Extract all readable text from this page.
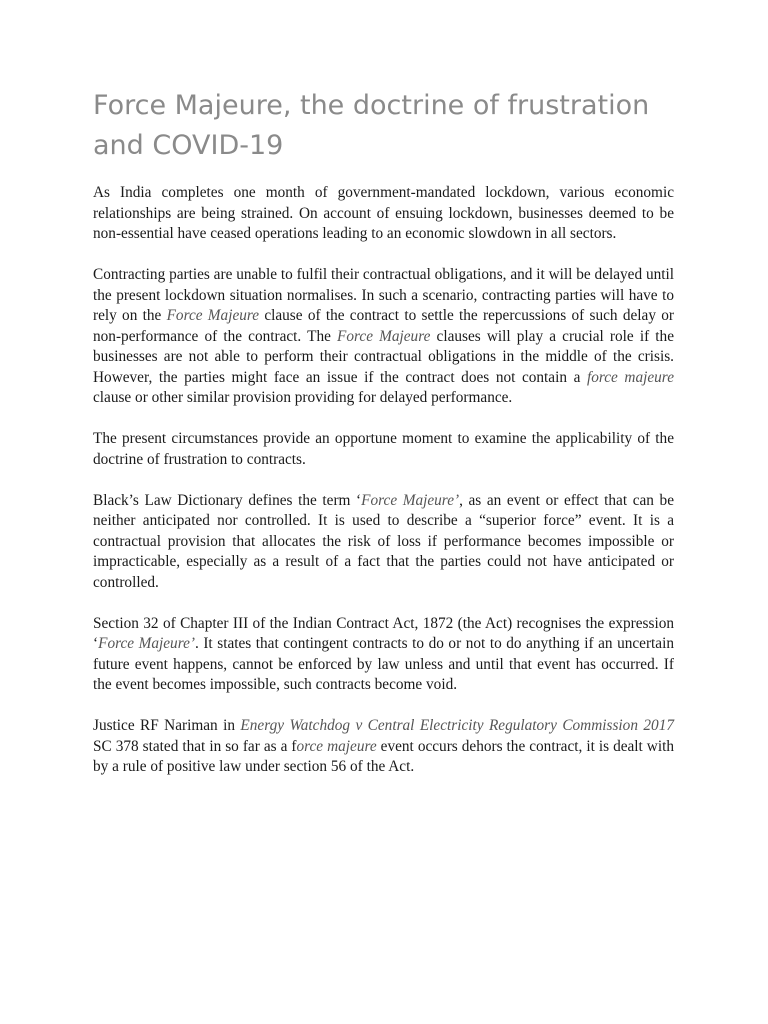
Force Majeure, the doctrine of frustration and COVID-19

As India completes one month of government-mandated lockdown, various economic relationships are being strained. On account of ensuing lockdown, businesses deemed to be non-essential have ceased operations leading to an economic slowdown in all sectors.

Contracting parties are unable to fulfil their contractual obligations, and it will be delayed until the present lockdown situation normalises. In such a scenario, contracting parties will have to rely on the Force Majeure clause of the contract to settle the repercussions of such delay or non-performance of the contract. The Force Majeure clauses will play a crucial role if the businesses are not able to perform their contractual obligations in the middle of the crisis. However, the parties might face an issue if the contract does not contain a force majeure clause or other similar provision providing for delayed performance.

The present circumstances provide an opportune moment to examine the applicability of the doctrine of frustration to contracts.

Black’s Law Dictionary defines the term ‘Force Majeure’, as an event or effect that can be neither anticipated nor controlled. It is used to describe a “superior force” event. It is a contractual provision that allocates the risk of loss if performance becomes impossible or impracticable, especially as a result of a fact that the parties could not have anticipated or controlled.

Section 32 of Chapter III of the Indian Contract Act, 1872 (the Act) recognises the expression ‘Force Majeure’. It states that contingent contracts to do or not to do anything if an uncertain future event happens, cannot be enforced by law unless and until that event has occurred. If the event becomes impossible, such contracts become void.

Justice RF Nariman in Energy Watchdog v Central Electricity Regulatory Commission 2017 SC 378 stated that in so far as a force majeure event occurs dehors the contract, it is dealt with by a rule of positive law under section 56 of the Act.
